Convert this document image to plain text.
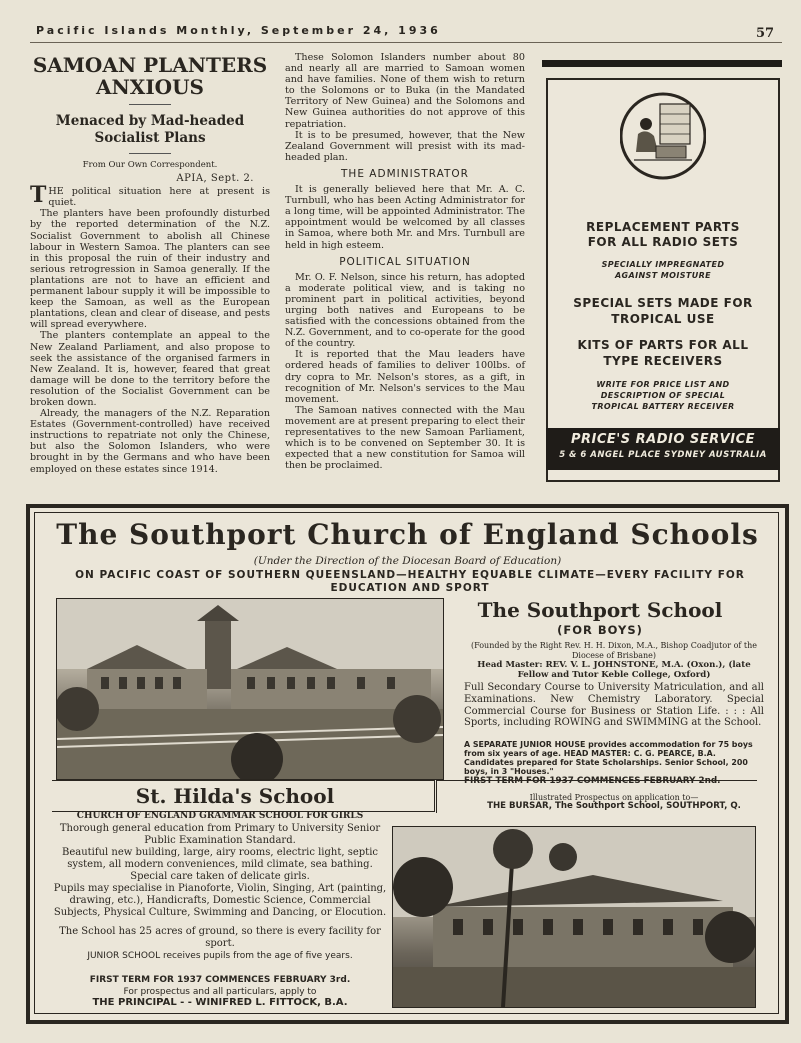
Pacific Islands Monthly, September 24, 1936	57
SAMOAN PLANTERS ANXIOUS
Menaced by Mad-headed Socialist Plans
From Our Own Correspondent.
APIA, Sept. 2.

THE political situation here at present is quiet.

The planters have been profoundly disturbed by the reported determination of the N.Z. Socialist Government to abolish all Chinese labour in Western Samoa. The planters can see in this proposal the ruin of their industry and serious retrogression in Samoa generally. If the plantations are not to have an efficient and permanent labour supply it will be impossible to keep the Samoan, as well as the European plantations, clean and clear of disease, and pests will spread everywhere.

The planters contemplate an appeal to the New Zealand Parliament, and also propose to seek the assistance of the organised farmers in New Zealand. It is, however, feared that great damage will be done to the territory before the resolution of the Socialist Government can be broken down.

Already, the managers of the N.Z. Reparation Estates (Government-controlled) have received instructions to repatriate not only the Chinese, but also the Solomon Islanders, who were brought in by the Germans and who have been employed on these estates since 1914.

These Solomon Islanders number about 80 and nearly all are married to Samoan women and have families. None of them wish to return to the Solomons or to Buka (in the Mandated Territory of New Guinea) and the Solomons and New Guinea authorities do not approve of this repatriation.

It is to be presumed, however, that the New Zealand Government will presist with its mad-headed plan.

THE ADMINISTRATOR

It is generally believed here that Mr. A. C. Turnbull, who has been Acting Administrator for a long time, will be appointed Administrator. The appointment would be welcomed by all classes in Samoa, where both Mr. and Mrs. Turnbull are held in high esteem.

POLITICAL SITUATION

Mr. O. F. Nelson, since his return, has adopted a moderate political view, and is taking no prominent part in political activities, beyond urging both natives and Europeans to be satisfied with the concessions obtained from the N.Z. Government, and to co-operate for the good of the country.

It is reported that the Mau leaders have ordered heads of families to deliver 100lbs. of dry copra to Mr. Nelson's stores, as a gift, in recognition of Mr. Nelson's services to the Mau movement.

The Samoan natives connected with the Mau movement are at present preparing to elect their representatives to the new Samoan Parliament, which is to be convened on September 30. It is expected that a new constitution for Samoa will then be proclaimed.

REPLACEMENT PARTS
FOR ALL RADIO SETS
SPECIALLY IMPREGNATED
AGAINST MOISTURE
SPECIAL SETS MADE FOR
TROPICAL USE
KITS OF PARTS FOR ALL
TYPE RECEIVERS
WRITE FOR PRICE LIST AND
DESCRIPTION OF SPECIAL
TROPICAL BATTERY RECEIVER
PRICE'S RADIO SERVICE
5 & 6 ANGEL PLACE SYDNEY AUSTRALIA
The Southport Church of England Schools
(Under the Direction of the Diocesan Board of Education)
ON PACIFIC COAST OF SOUTHERN QUEENSLAND—HEALTHY EQUABLE CLIMATE—EVERY FACILITY FOR EDUCATION AND SPORT
The Southport School
(FOR BOYS)
(Founded by the Right Rev. H. H. Dixon, M.A., Bishop Coadjutor of the Diocese of Brisbane)
Head Master: REV. V. L. JOHNSTONE, M.A. (Oxon.), (late Fellow and Tutor Keble College, Oxford)
Full Secondary Course to University Matriculation, and all Examinations. New Chemistry Laboratory. Special Commercial Course for Business or Station Life. : : : All Sports, including ROWING and SWIMMING at the School.
A SEPARATE JUNIOR HOUSE provides accommodation for 75 boys from six years of age. HEAD MASTER: C. G. PEARCE, B.A. Candidates prepared for State Scholarships. Senior School, 200 boys, in 3 "Houses."
FIRST TERM FOR 1937 COMMENCES FEBRUARY 2nd.
Illustrated Prospectus on application to—
THE BURSAR, The Southport School, SOUTHPORT, Q.
St. Hilda's School
CHURCH OF ENGLAND GRAMMAR SCHOOL FOR GIRLS
Thorough general education from Primary to University Senior Public Examination Standard.
Beautiful new building, large, airy rooms, electric light, septic system, all modern conveniences, mild climate, sea bathing. Special care taken of delicate girls.
Pupils may specialise in Pianoforte, Violin, Singing, Art (painting, drawing, etc.), Handicrafts, Domestic Science, Commercial Subjects, Physical Culture, Swimming and Dancing, or Elocution.
The School has 25 acres of ground, so there is every facility for sport.
JUNIOR SCHOOL receives pupils from the age of five years.
FIRST TERM FOR 1937 COMMENCES FEBRUARY 3rd.
For prospectus and all particulars, apply to
THE PRINCIPAL - - WINIFRED L. FITTOCK, B.A.
